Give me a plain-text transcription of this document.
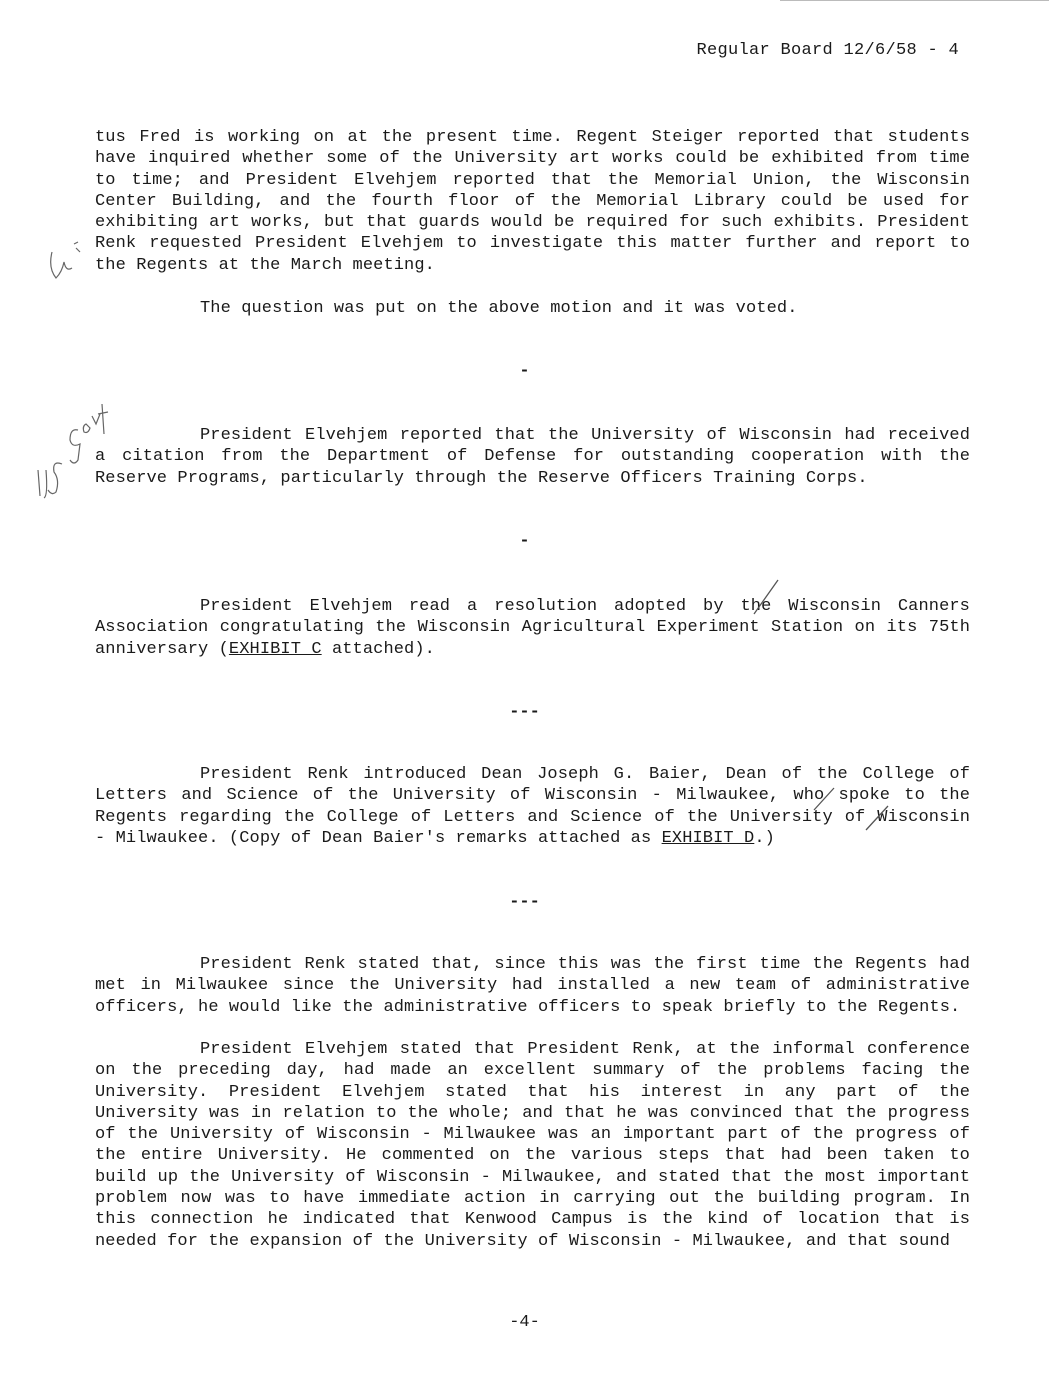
Regular Board 12/6/58 - 4

tus Fred is working on at the present time. Regent Steiger reported that students have inquired whether some of the University art works could be exhibited from time to time; and President Elvehjem reported that the Memorial Union, the Wisconsin Center Building, and the fourth floor of the Memorial Library could be used for exhibiting art works, but that guards would be required for such exhibits. President Renk requested President Elvehjem to investigate this matter further and report to the Regents at the March meeting.

The question was put on the above motion and it was voted.

-

President Elvehjem reported that the University of Wisconsin had received a citation from the Department of Defense for outstanding cooperation with the Reserve Programs, particularly through the Reserve Officers Training Corps.

-

President Elvehjem read a resolution adopted by the Wisconsin Canners Association congratulating the Wisconsin Agricultural Experiment Station on its 75th anniversary (EXHIBIT C attached).

---

President Renk introduced Dean Joseph G. Baier, Dean of the College of Letters and Science of the University of Wisconsin - Milwaukee, who spoke to the Regents regarding the College of Letters and Science of the University of Wisconsin - Milwaukee. (Copy of Dean Baier's remarks attached as EXHIBIT D.)

---

President Renk stated that, since this was the first time the Regents had met in Milwaukee since the University had installed a new team of administrative officers, he would like the administrative officers to speak briefly to the Regents.

President Elvehjem stated that President Renk, at the informal conference on the preceding day, had made an excellent summary of the problems facing the University. President Elvehjem stated that his interest in any part of the University was in relation to the whole; and that he was convinced that the progress of the University of Wisconsin - Milwaukee was an important part of the progress of the entire University. He commented on the various steps that had been taken to build up the University of Wisconsin - Milwaukee, and stated that the most important problem now was to have immediate action in carrying out the building program. In this connection he indicated that Kenwood Campus is the kind of location that is needed for the expansion of the University of Wisconsin - Milwaukee, and that sound

-4-
